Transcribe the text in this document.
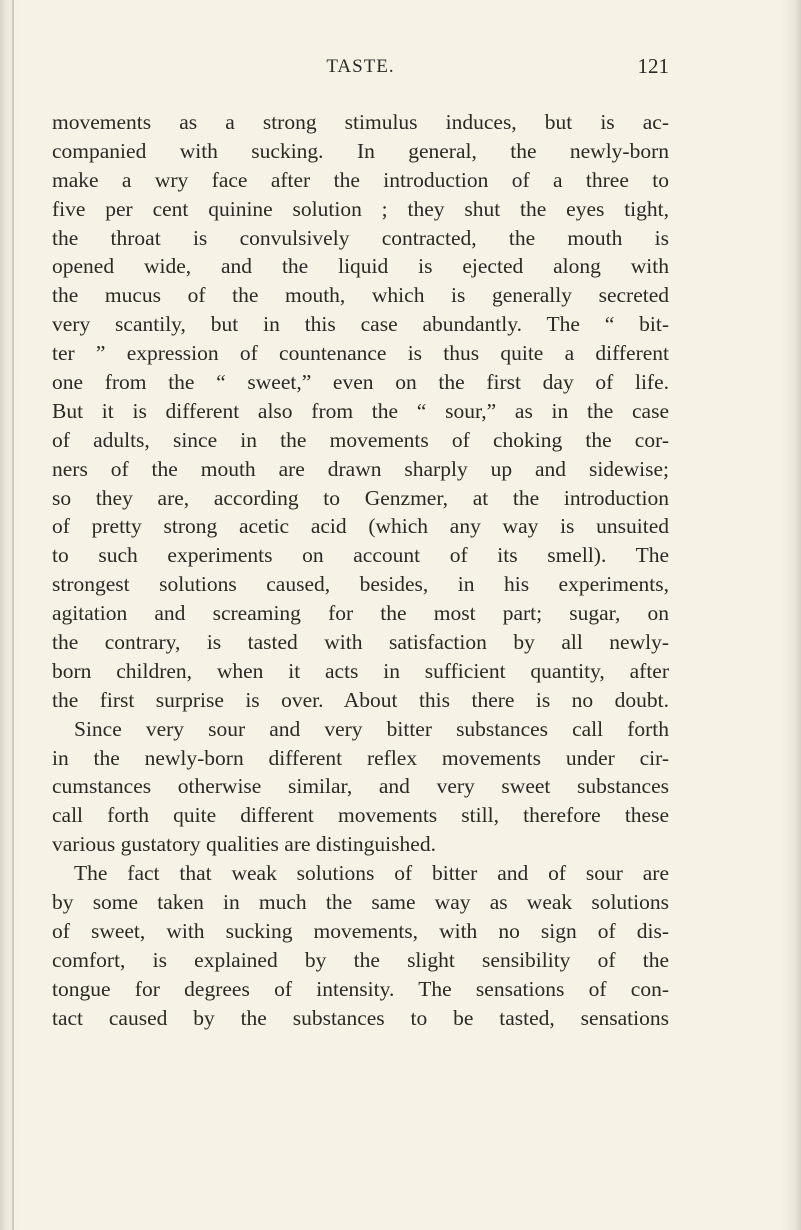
TASTE.	121
movements as a strong stimulus induces, but is ac-
companied with sucking. In general, the newly-born
make a wry face after the introduction of a three to
five per cent quinine solution ; they shut the eyes tight,
the throat is convulsively contracted, the mouth is
opened wide, and the liquid is ejected along with
the mucus of the mouth, which is generally secreted
very scantily, but in this case abundantly. The “ bit-
ter ” expression of countenance is thus quite a different
one from the “ sweet,” even on the first day of life.
But it is different also from the “ sour,” as in the case
of adults, since in the movements of choking the cor-
ners of the mouth are drawn sharply up and sidewise;
so they are, according to Genzmer, at the introduction
of pretty strong acetic acid (which any way is unsuited
to such experiments on account of its smell). The
strongest solutions caused, besides, in his experiments,
agitation and screaming for the most part; sugar, on
the contrary, is tasted with satisfaction by all newly-
born children, when it acts in sufficient quantity, after
the first surprise is over. About this there is no doubt.
Since very sour and very bitter substances call forth
in the newly-born different reflex movements under cir-
cumstances otherwise similar, and very sweet substances
call forth quite different movements still, therefore these
various gustatory qualities are distinguished.
The fact that weak solutions of bitter and of sour are
by some taken in much the same way as weak solutions
of sweet, with sucking movements, with no sign of dis-
comfort, is explained by the slight sensibility of the
tongue for degrees of intensity. The sensations of con-
tact caused by the substances to be tasted, sensations
